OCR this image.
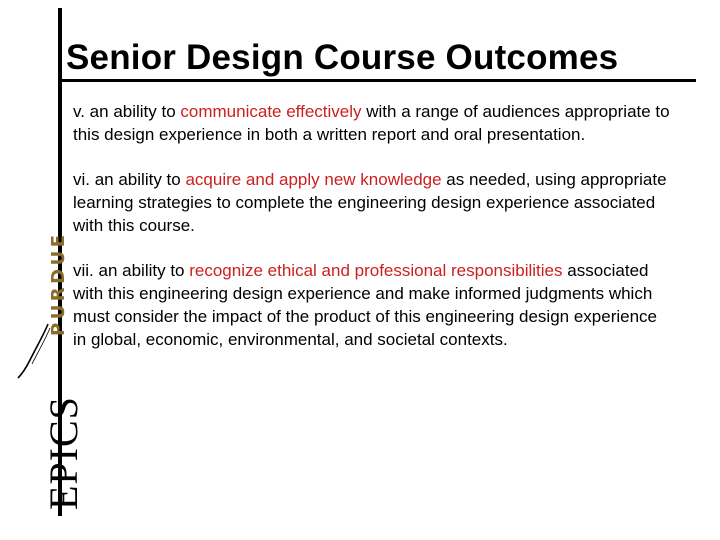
Senior Design Course Outcomes
PURDUE
EPICS

v. an ability to communicate effectively with a range of audiences appropriate to this design experience in both a written report and oral presentation.

vi. an ability to acquire and apply new knowledge as needed, using appropriate learning strategies to complete the engineering design experience associated with this course.

vii. an ability to recognize ethical and professional responsibilities associated with this engineering design experience and make informed judgments which must consider the impact of the product of this engineering design experience in global, economic, environmental, and societal contexts.
